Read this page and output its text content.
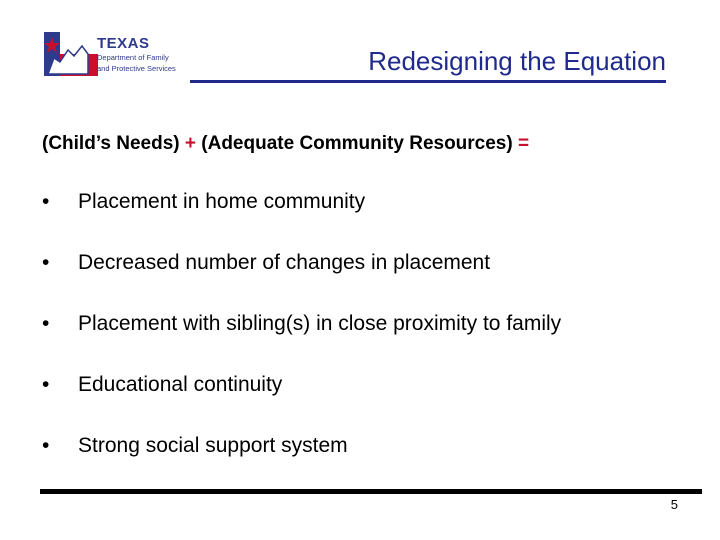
TEXAS
Department of Family
and Protective Services	Redesigning the Equation
(Child’s Needs) + (Adequate Community Resources) =
•	Placement in home community
•	Decreased number of changes in placement
•	Placement with sibling(s) in close proximity to family
•	Educational continuity
•	Strong social support system
5
